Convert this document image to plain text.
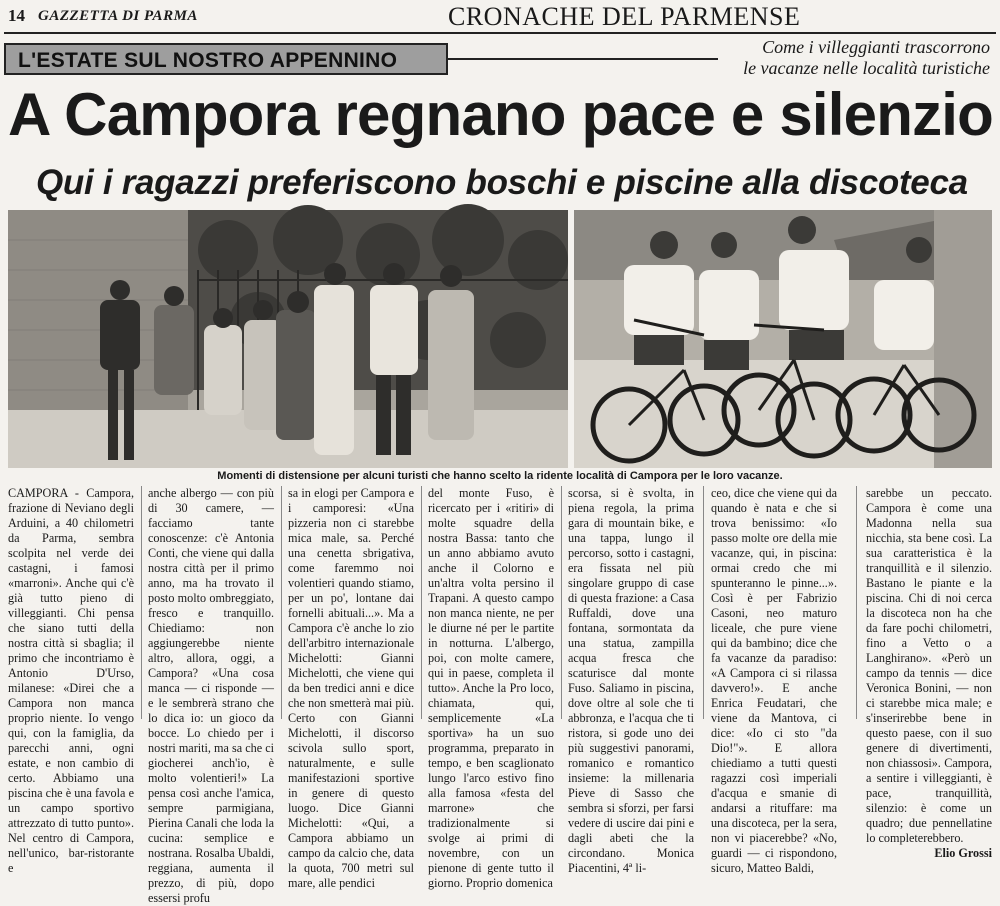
14 GAZZETTA DI PARMA	CRONACHE DEL PARMENSE
L'ESTATE SUL NOSTRO APPENNINO
Come i villeggianti trascorrono
le vacanze nelle località turistiche
A Campora regnano pace e silenzio
Qui i ragazzi preferiscono boschi e piscine alla discoteca
Momenti di distensione per alcuni turisti che hanno scelto la ridente località di Campora per le loro vacanze.

CAMPORA - Campora, frazione di Neviano degli Arduini, a 40 chilometri da Parma, sembra scolpita nel verde dei castagni, i famosi «marroni». Anche qui c'è già tutto pieno di villeggianti. Chi pensa che siano tutti della nostra città si sbaglia; il primo che incontriamo è Antonio D'Urso, milanese: «Direi che a Campora non manca proprio niente. Io vengo qui, con la famiglia, da parecchi anni, ogni estate, e non cambio di certo. Abbiamo una piscina che è una favola e un campo sportivo attrezzato di tutto punto». Nel centro di Campora, nell'unico, bar-ristorante e

anche albergo — con più di 30 camere, — facciamo tante conoscenze: c'è Antonia Conti, che viene qui dalla nostra città per il primo anno, ma ha trovato il posto molto ombreggiato, fresco e tranquillo. Chiediamo: non aggiungerebbe niente altro, allora, oggi, a Campora? «Una cosa manca — ci risponde — e le sembrerà strano che lo dica io: un gioco da bocce. Lo chiedo per i nostri mariti, ma sa che ci giocherei anch'io, è molto volentieri!» La pensa così anche l'amica, sempre parmigiana, Pierina Canali che loda la cucina: semplice e nostrana. Rosalba Ubaldi, reggiana, aumenta il prezzo, di più, dopo essersi profu

sa in elogi per Campora e i camporesi: «Una pizzeria non ci starebbe mica male, sa. Perché una cenetta sbrigativa, come faremmo noi volentieri quando stiamo, per un po', lontane dai fornelli abituali...». Ma a Campora c'è anche lo zio dell'arbitro internazionale Michelotti: Gianni Michelotti, che viene qui da ben tredici anni e dice che non smetterà mai più. Certo con Gianni Michelotti, il discorso scivola sullo sport, naturalmente, e sulle manifestazioni sportive in genere di questo luogo. Dice Gianni Michelotti: «Qui, a Campora abbiamo un campo da calcio che, data la quota, 700 metri sul mare, alle pendici

del monte Fuso, è ricercato per i «ritiri» di molte squadre della nostra Bassa: tanto che un anno abbiamo avuto anche il Colorno e un'altra volta persino il Trapani. A questo campo non manca niente, ne per le diurne né per le partite in notturna. L'albergo, poi, con molte camere, qui in paese, completa il tutto». Anche la Pro loco, chiamata, qui, semplicemente «La sportiva» ha un suo programma, preparato in tempo, e ben scaglionato lungo l'arco estivo fino alla famosa «festa del marrone» che tradizionalmente si svolge ai primi di novembre, con un pienone di gente tutto il giorno. Proprio domenica

scorsa, si è svolta, in piena regola, la prima gara di mountain bike, e una tappa, lungo il percorso, sotto i castagni, era fissata nel più singolare gruppo di case di questa frazione: a Casa Ruffaldi, dove una fontana, sormontata da una statua, zampilla acqua fresca che scaturisce dal monte Fuso. Saliamo in piscina, dove oltre al sole che ti abbronza, e l'acqua che ti ristora, si gode uno dei più suggestivi panorami, romanico e romantico insieme: la millenaria Pieve di Sasso che sembra si sforzi, per farsi vedere di uscire dai pini e dagli abeti che la circondano. Monica Piacentini, 4ª li-

ceo, dice che viene qui da quando è nata e che si trova benissimo: «Io passo molte ore della mie vacanze, qui, in piscina: ormai credo che mi spunteranno le pinne...». Così è per Fabrizio Casoni, neo maturo liceale, che pure viene qui da bambino; dice che fa vacanze da paradiso: «A Campora ci si rilassa davvero!». E anche Enrica Feudatari, che viene da Mantova, ci dice: «Io ci sto "da Dio!"». E allora chiediamo a tutti questi ragazzi così imperiali d'acqua e smanie di andarsi a rituffare: ma una discoteca, per la sera, non vi piacerebbe? «No, guardi — ci rispondono, sicuro, Matteo Baldi,

sarebbe un peccato. Campora è come una Madonna nella sua nicchia, sta bene così. La sua caratteristica è la tranquillità e il silenzio. Bastano le piante e la piscina. Chi di noi cerca la discoteca non ha che da fare pochi chilometri, fino a Vetto o a Langhirano». «Però un campo da tennis — dice Veronica Bonini, — non ci starebbe mica male; e s'inserirebbe bene in questo paese, con il suo genere di divertimenti, non chiassosi». Campora, a sentire i villeggianti, è pace, tranquillità, silenzio: è come un quadro; due pennellatine lo completerebbero.

Elio Grossi
